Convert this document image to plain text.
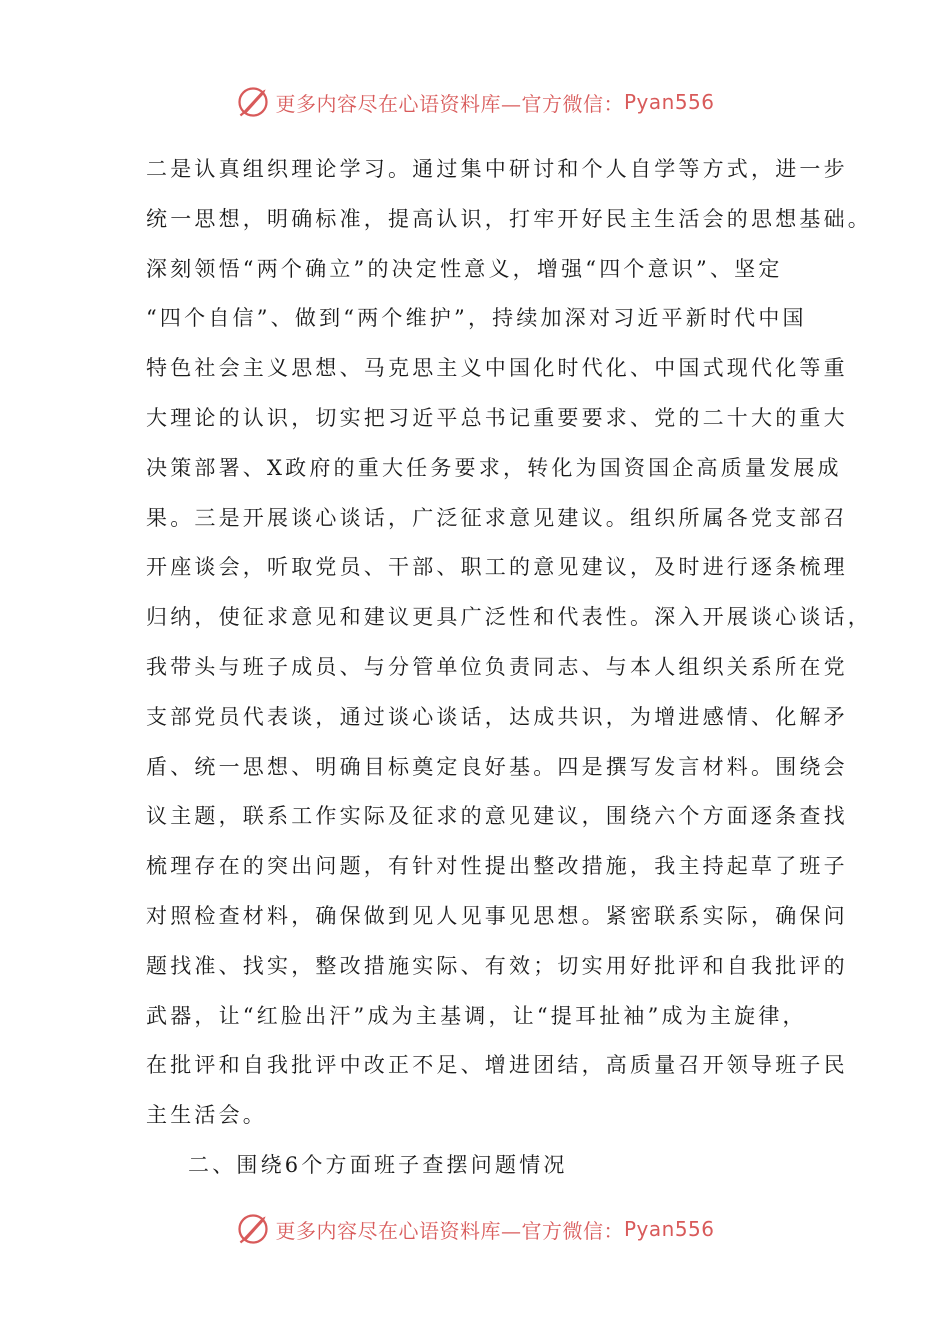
更多内容尽在心语资料库—官方微信： Pyan556
二是认真组织理论学习。通过集中研讨和个人自学等方式，进一步
统一思想，明确标准，提高认识，打牢开好民主生活会的思想基础。
深刻领悟“两个确立”的决定性意义，增强“四个意识”、坚定
“四个自信”、做到“两个维护”，持续加深对习近平新时代中国
特色社会主义思想、马克思主义中国化时代化、中国式现代化等重
大理论的认识，切实把习近平总书记重要要求、党的二十大的重大
决策部署、X政府的重大任务要求，转化为国资国企高质量发展成
果。三是开展谈心谈话，广泛征求意见建议。组织所属各党支部召
开座谈会，听取党员、干部、职工的意见建议，及时进行逐条梳理
归纳，使征求意见和建议更具广泛性和代表性。深入开展谈心谈话，
我带头与班子成员、与分管单位负责同志、与本人组织关系所在党
支部党员代表谈，通过谈心谈话，达成共识，为增进感情、化解矛
盾、统一思想、明确目标奠定良好基。四是撰写发言材料。围绕会
议主题，联系工作实际及征求的意见建议，围绕六个方面逐条查找
梳理存在的突出问题，有针对性提出整改措施，我主持起草了班子
对照检查材料，确保做到见人见事见思想。紧密联系实际，确保问
题找准、找实，整改措施实际、有效；切实用好批评和自我批评的
武器，让“红脸出汗”成为主基调，让“提耳扯袖”成为主旋律，
在批评和自我批评中改正不足、增进团结，高质量召开领导班子民
主生活会。
二、围绕6个方面班子查摆问题情况
更多内容尽在心语资料库—官方微信： Pyan556
